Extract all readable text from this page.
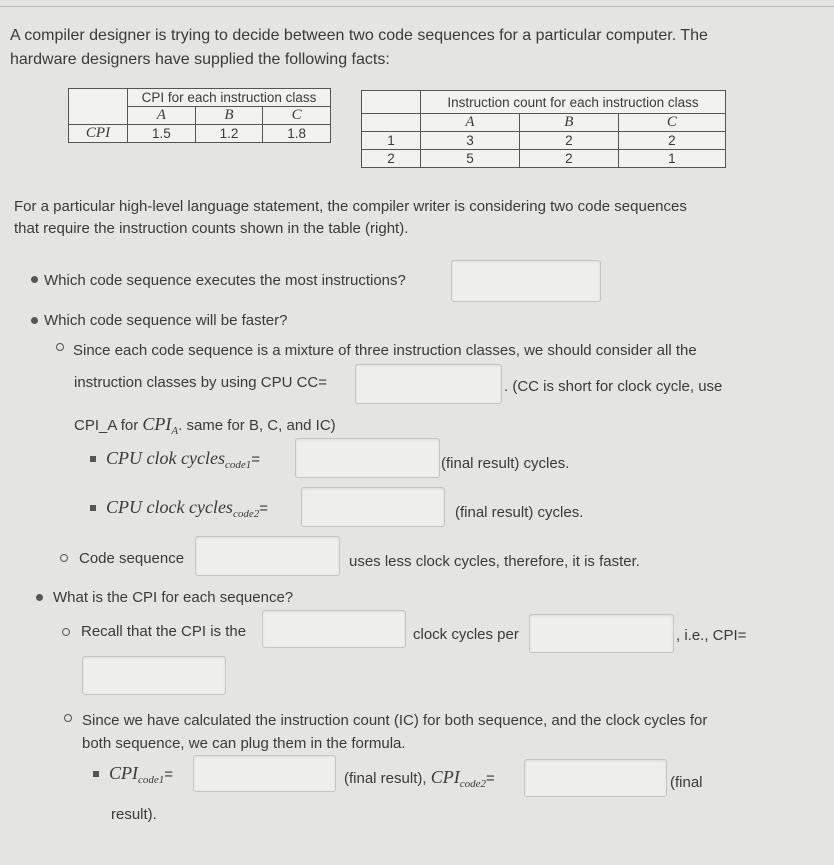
A compiler designer is trying to decide between two code sequences for a particular computer. The
hardware designers have supplied the following facts:
	CPI for each instruction class		
	A	B	C
CPI	1.5	1.2	1.8
	Instruction count for each instruction class		
	A	B	C
1	3	2	2
2	5	2	1
For a particular high-level language statement, the compiler writer is considering two code sequences
that require the instruction counts shown in the table (right).
Which code sequence executes the most instructions?
Which code sequence will be faster?
Since each code sequence is a mixture of three instruction classes, we should consider all the
instruction classes by using CPU CC=	. (CC is short for clock cycle, use
CPI_A for $CPI_A$. same for B, C, and IC)
CPU clok cycles$_{code1}$=	(final result) cycles.
CPU clock cycles$_{code2}$=	(final result) cycles.
Code sequence	uses less clock cycles, therefore, it is faster.
What is the CPI for each sequence?
Recall that the CPI is the	clock cycles per	, i.e., CPI=
Since we have calculated the instruction count (IC) for both sequence, and the clock cycles for
both sequence, we can plug them in the formula.
$CPI_{code1}=$	(final result), $CPI_{code2}=$	(final
result).
